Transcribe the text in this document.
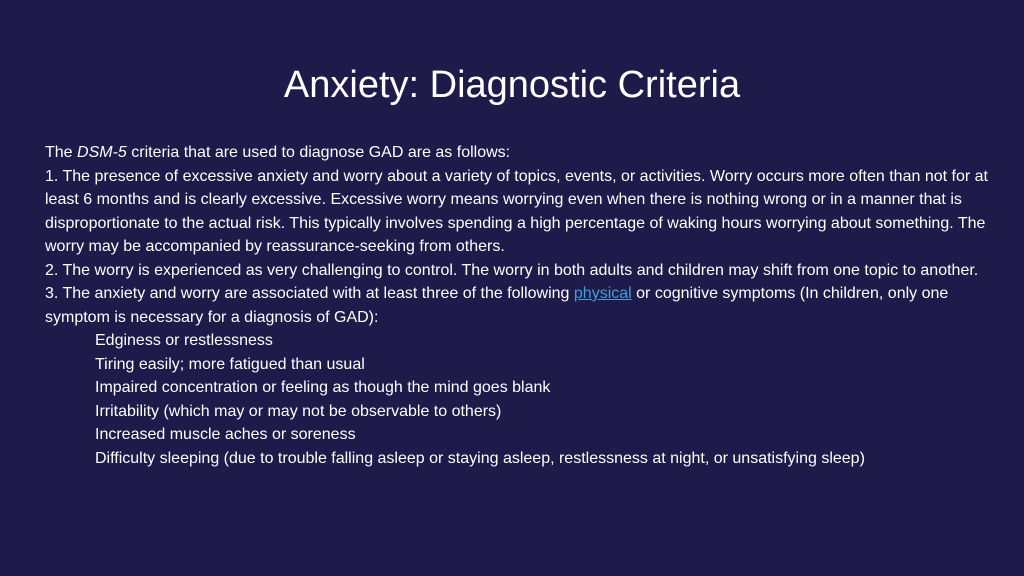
Anxiety: Diagnostic Criteria

The DSM-5 criteria that are used to diagnose GAD are as follows:

1. The presence of excessive anxiety and worry about a variety of topics, events, or activities. Worry occurs more often than not for at least 6 months and is clearly excessive. Excessive worry means worrying even when there is nothing wrong or in a manner that is disproportionate to the actual risk. This typically involves spending a high percentage of waking hours worrying about something. The worry may be accompanied by reassurance-seeking from others.

2. The worry is experienced as very challenging to control. The worry in both adults and children may shift from one topic to another.

3. The anxiety and worry are associated with at least three of the following physical or cognitive symptoms (In children, only one symptom is necessary for a diagnosis of GAD):

Edginess or restlessness

Tiring easily; more fatigued than usual

Impaired concentration or feeling as though the mind goes blank

Irritability (which may or may not be observable to others)

Increased muscle aches or soreness

Difficulty sleeping (due to trouble falling asleep or staying asleep, restlessness at night, or unsatisfying sleep)
